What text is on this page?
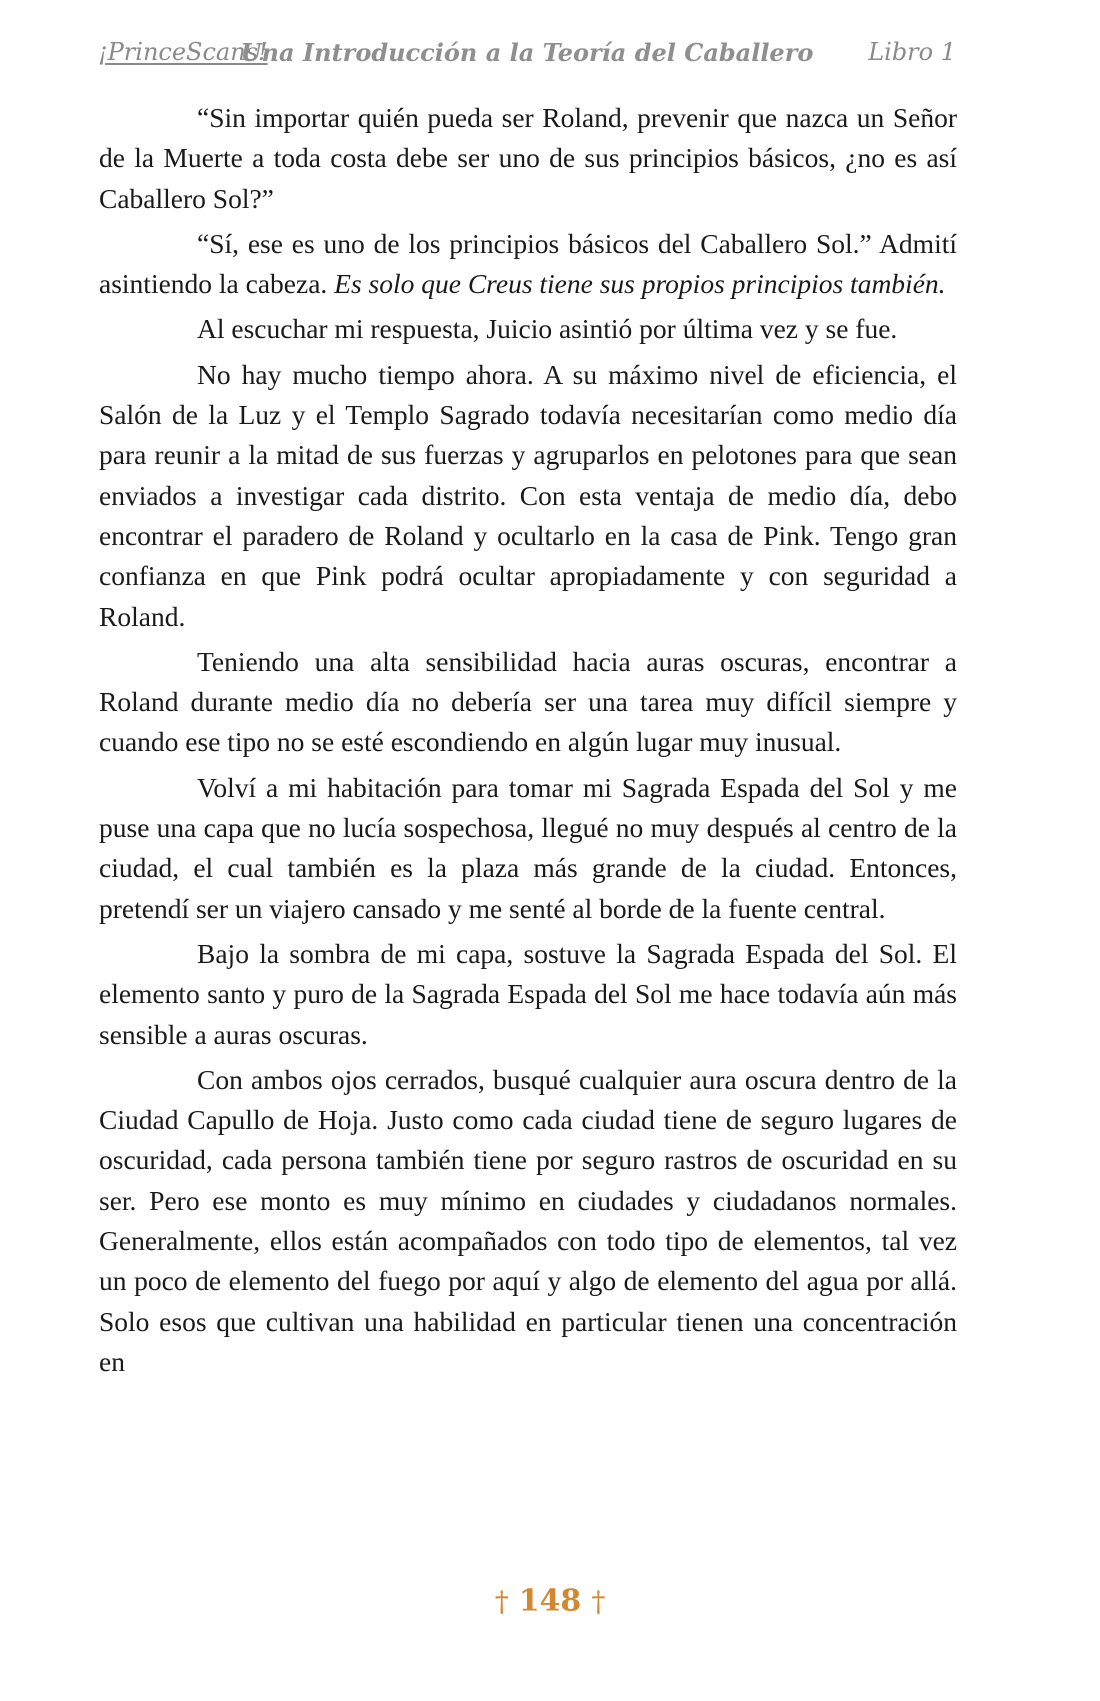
¡PrinceScans!
Una Introducción a la Teoría del Caballero	Libro 1

“Sin importar quién pueda ser Roland, prevenir que nazca un Señor de la Muerte a toda costa debe ser uno de sus principios básicos, ¿no es así Caballero Sol?”

“Sí, ese es uno de los principios básicos del Caballero Sol.” Admití asintiendo la cabeza. Es solo que Creus tiene sus propios principios también.

Al escuchar mi respuesta, Juicio asintió por última vez y se fue.

No hay mucho tiempo ahora. A su máximo nivel de eficiencia, el Salón de la Luz y el Templo Sagrado todavía necesitarían como medio día para reunir a la mitad de sus fuerzas y agruparlos en pelotones para que sean enviados a investigar cada distrito. Con esta ventaja de medio día, debo encontrar el paradero de Roland y ocultarlo en la casa de Pink. Tengo gran confianza en que Pink podrá ocultar apropiadamente y con seguridad a Roland.

Teniendo una alta sensibilidad hacia auras oscuras, encontrar a Roland durante medio día no debería ser una tarea muy difícil siempre y cuando ese tipo no se esté escondiendo en algún lugar muy inusual.

Volví a mi habitación para tomar mi Sagrada Espada del Sol y me puse una capa que no lucía sospechosa, llegué no muy después al centro de la ciudad, el cual también es la plaza más grande de la ciudad. Entonces, pretendí ser un viajero cansado y me senté al borde de la fuente central.

Bajo la sombra de mi capa, sostuve la Sagrada Espada del Sol. El elemento santo y puro de la Sagrada Espada del Sol me hace todavía aún más sensible a auras oscuras.

Con ambos ojos cerrados, busqué cualquier aura oscura dentro de la Ciudad Capullo de Hoja. Justo como cada ciudad tiene de seguro lugares de oscuridad, cada persona también tiene por seguro rastros de oscuridad en su ser. Pero ese monto es muy mínimo en ciudades y ciudadanos normales. Generalmente, ellos están acompañados con todo tipo de elementos, tal vez un poco de elemento del fuego por aquí y algo de elemento del agua por allá. Solo esos que cultivan una habilidad en particular tienen una concentración en

† 148 †
